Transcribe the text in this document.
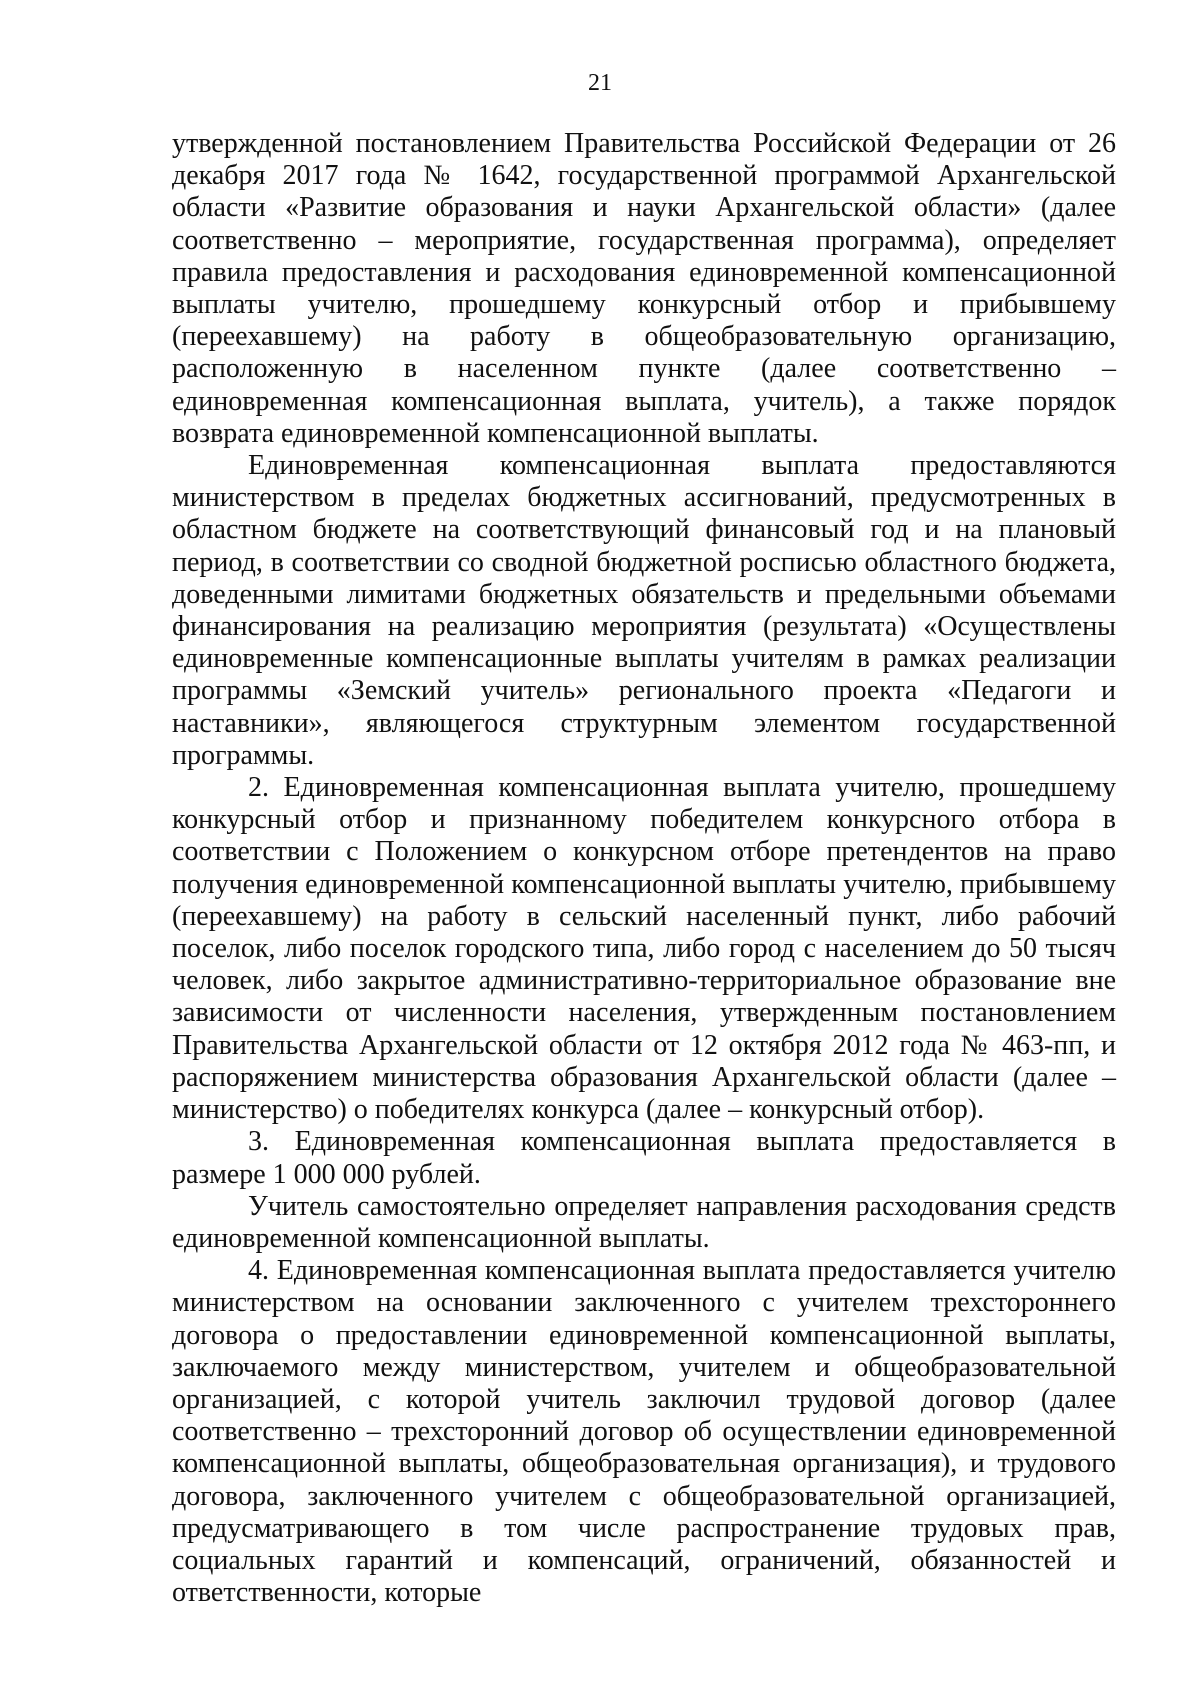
21

утвержденной постановлением Правительства Российской Федерации от 26 декабря 2017 года № 1642, государственной программой Архангельской области «Развитие образования и науки Архангельской области» (далее соответственно – мероприятие, государственная программа), определяет правила предоставления и расходования единовременной компенсационной выплаты учителю, прошедшему конкурсный отбор и прибывшему (переехавшему) на работу в общеобразовательную организацию, расположенную в населенном пункте (далее соответственно – единовременная компенсационная выплата, учитель), а также порядок возврата единовременной компенсационной выплаты.

Единовременная компенсационная выплата предоставляются министерством в пределах бюджетных ассигнований, предусмотренных в областном бюджете на соответствующий финансовый год и на плановый период, в соответствии со сводной бюджетной росписью областного бюджета, доведенными лимитами бюджетных обязательств и предельными объемами финансирования на реализацию мероприятия (результата) «Осуществлены единовременные компенсационные выплаты учителям в рамках реализации программы «Земский учитель» регионального проекта «Педагоги и наставники», являющегося структурным элементом государственной программы.

2. Единовременная компенсационная выплата учителю, прошедшему конкурсный отбор и признанному победителем конкурсного отбора в соответствии с Положением о конкурсном отборе претендентов на право получения единовременной компенсационной выплаты учителю, прибывшему (переехавшему) на работу в сельский населенный пункт, либо рабочий поселок, либо поселок городского типа, либо город с населением до 50 тысяч человек, либо закрытое административно-территориальное образование вне зависимости от численности населения, утвержденным постановлением Правительства Архангельской области от 12 октября 2012 года № 463-пп, и распоряжением министерства образования Архангельской области (далее – министерство) о победителях конкурса (далее – конкурсный отбор).

3. Единовременная компенсационная выплата предоставляется в размере 1 000 000 рублей.

Учитель самостоятельно определяет направления расходования средств единовременной компенсационной выплаты.

4. Единовременная компенсационная выплата предоставляется учителю министерством на основании заключенного с учителем трехстороннего договора о предоставлении единовременной компенсационной выплаты, заключаемого между министерством, учителем и общеобразовательной организацией, с которой учитель заключил трудовой договор (далее соответственно – трехсторонний договор об осуществлении единовременной компенсационной выплаты, общеобразовательная организация), и трудового договора, заключенного учителем с общеобразовательной организацией, предусматривающего в том числе распространение трудовых прав, социальных гарантий и компенсаций, ограничений, обязанностей и ответственности, которые
